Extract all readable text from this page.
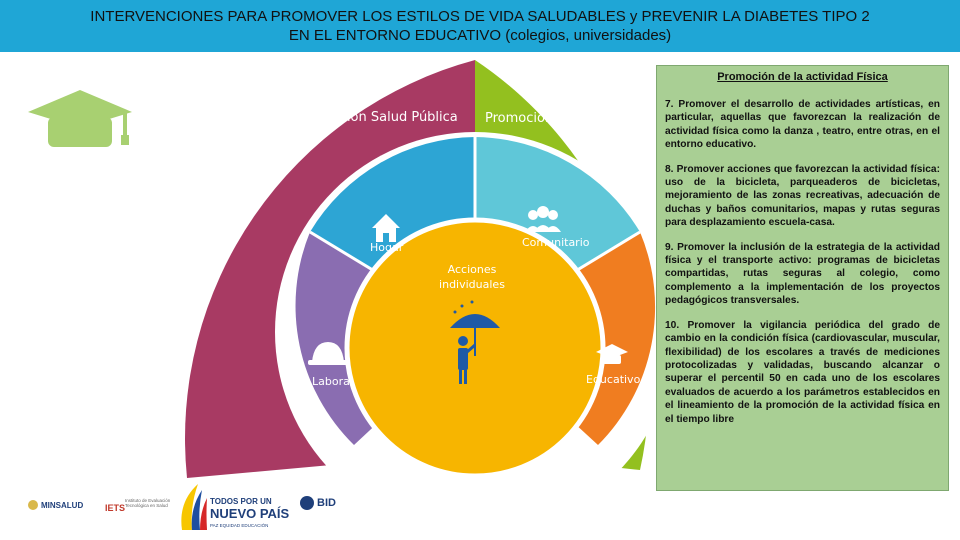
INTERVENCIONES PARA PROMOVER LOS ESTILOS DE VIDA SALUDABLES y PREVENIR LA DIABETES TIPO 2
EN EL ENTORNO EDUCATIVO (colegios, universidades)
Gestión Salud Pública Promoción de la Salud
Hogar	Comunitario
Laboral	Educativo
Acciones individuales
Promoción de la actividad Física

7. Promover el desarrollo de actividades artísticas, en particular, aquellas que favorezcan la realización de actividad física como la danza , teatro, entre otras, en el entorno educativo.

8. Promover acciones que favorezcan la actividad física: uso de la bicicleta, parqueaderos de bicicletas, mejoramiento de las zonas recreativas, adecuación de duchas y baños comunitarios, mapas y rutas seguras para desplazamiento escuela-casa.

9. Promover la inclusión de la estrategia de la actividad física y el transporte activo: programas de bicicletas compartidas, rutas seguras al colegio, como complemento a la implementación de los proyectos pedagógicos transversales.

10. Promover la vigilancia periódica del grado de cambio en la condición física (cardiovascular, muscular, flexibilidad) de los escolares a través de mediciones protocolizadas y validadas, buscando alcanzar o superar el percentil 50 en cada uno de los escolares evaluados de acuerdo a los parámetros establecidos en el lineamiento de la promoción de la actividad física en el tiempo libre

MINSALUD IETS
Instituto de Evaluación Tecnológica en Salud	TODOS POR UN
NUEVO PAÍS
PAZ EQUIDAD EDUCACIÓN
BID
